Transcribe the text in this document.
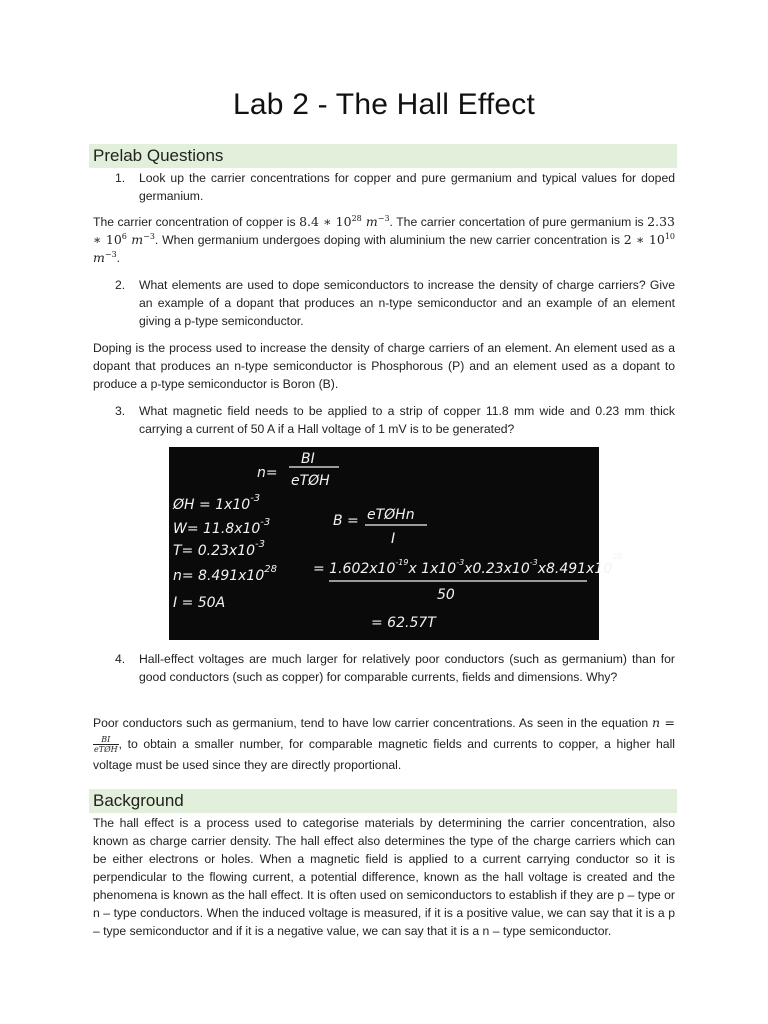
Lab 2 - The Hall Effect
Prelab Questions
1. Look up the carrier concentrations for copper and pure germanium and typical values for doped germanium.

The carrier concentration of copper is 8.4 ∗ $10^{28}$ $m^{-3}$. The carrier concertation of pure germanium is 2.33 ∗ $10^6$ $m^{-3}$. When germanium undergoes doping with aluminium the new carrier concentration is 2 ∗ $10^{10}$ $m^{-3}$.

2. What elements are used to dope semiconductors to increase the density of charge carriers? Give an example of a dopant that produces an n-type semiconductor and an example of an element giving a p-type semiconductor.

Doping is the process used to increase the density of charge carriers of an element. An element used as a dopant that produces an n-type semiconductor is Phosphorous (P) and an element used as a dopant to produce a p-type semiconductor is Boron (B).

3. What magnetic field needs to be applied to a strip of copper 11.8 mm wide and 0.23 mm thick carrying a current of 50 A if a Hall voltage of 1 mV is to be generated?
n=
BI
eTØH
ØH = $1x10^{-3}$
$W= 11.8x10^{-3}$
$T= 0.23x10^{-3}$
$n= 8.491x10^{28}$
I = 50A
B = eTØHn
I
= $1.602x10^{-19}x$ $1x10^{-3}x0.23x10^{-3}x8.491x10^{28}$
50
= 62.57T
4. Hall-effect voltages are much larger for relatively poor conductors (such as germanium) than for good conductors (such as copper) for comparable currents, fields and dimensions. Why?

Poor conductors such as germanium, tend to have low carrier concentrations. As seen in the equation n =
$\frac{BI}{\text{eTØH}}$ , to obtain a smaller number, for comparable magnetic fields and currents to copper, a higher hall voltage must be used since they are directly proportional.

Background

The hall effect is a process used to categorise materials by determining the carrier concentration, also known as charge carrier density. The hall effect also determines the type of the charge carriers which can be either electrons or holes. When a magnetic field is applied to a current carrying conductor so it is perpendicular to the flowing current, a potential difference, known as the hall voltage is created and the phenomena is known as the hall effect. It is often used on semiconductors to establish if they are p – type or n – type conductors. When the induced voltage is measured, if it is a positive value, we can say that it is a p – type semiconductor and if it is a negative value, we can say that it is a n – type semiconductor.
